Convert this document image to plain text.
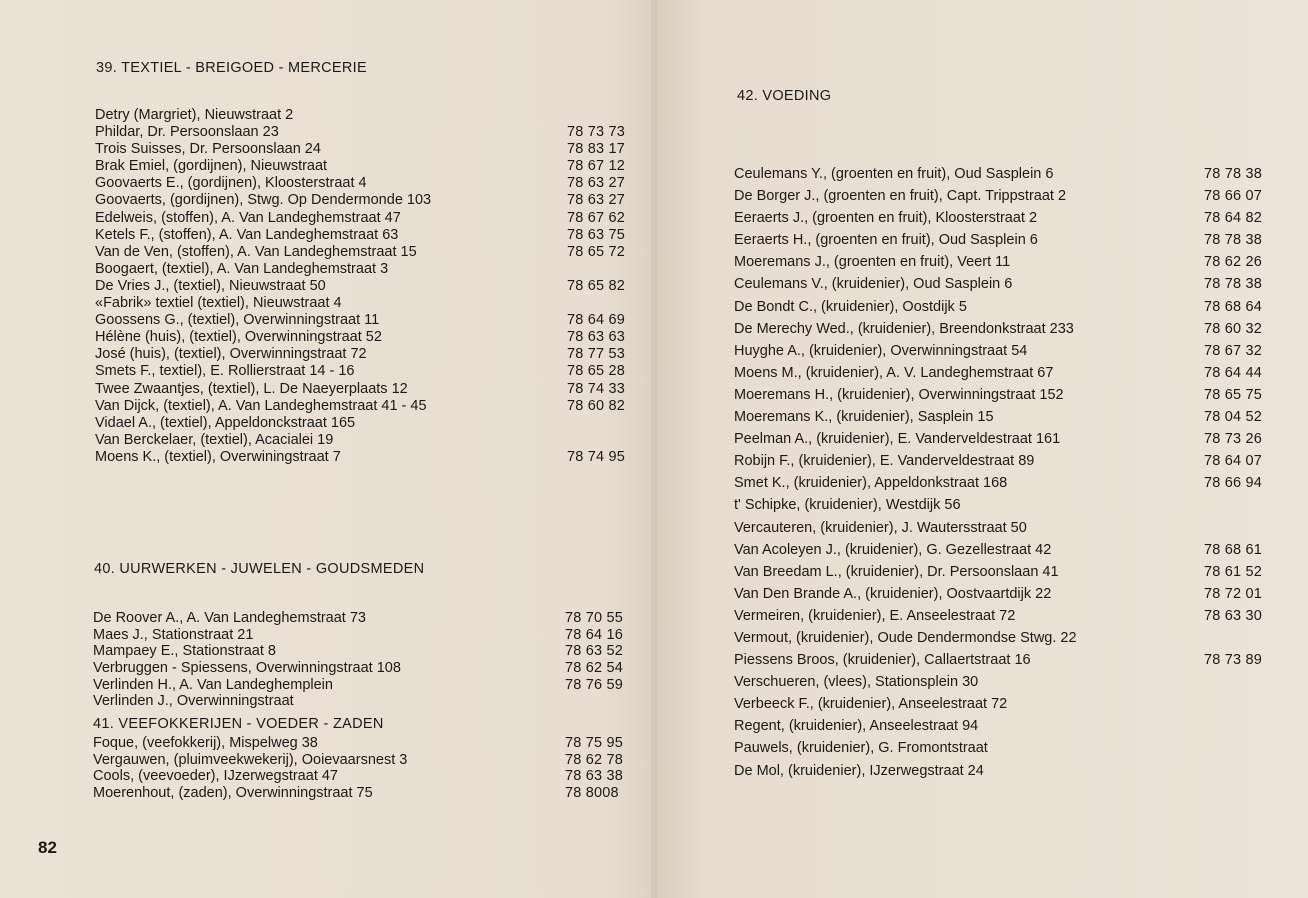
39. TEXTIEL - BREIGOED - MERCERIE
Detry (Margriet), Nieuwstraat 2
Phildar, Dr. Persoonslaan 23	78 73 73
Trois Suisses, Dr. Persoonslaan 24	78 83 17
Brak Emiel, (gordijnen), Nieuwstraat	78 67 12
Goovaerts E., (gordijnen), Kloosterstraat 4	78 63 27
Goovaerts, (gordijnen), Stwg. Op Dendermonde 103	78 63 27
Edelweis, (stoffen), A. Van Landeghemstraat 47	78 67 62
Ketels F., (stoffen), A. Van Landeghemstraat 63	78 63 75
Van de Ven, (stoffen), A. Van Landeghemstraat 15	78 65 72
Boogaert, (textiel), A. Van Landeghemstraat 3
De Vries J., (textiel), Nieuwstraat 50	78 65 82
«Fabrik» textiel (textiel), Nieuwstraat 4
Goossens G., (textiel), Overwinningstraat 11	78 64 69
Hélène (huis), (textiel), Overwinningstraat 52	78 63 63
José (huis), (textiel), Overwinningstraat 72	78 77 53
Smets F., textiel), E. Rollierstraat 14 - 16	78 65 28
Twee Zwaantjes, (textiel), L. De Naeyerplaats 12	78 74 33
Van Dijck, (textiel), A. Van Landeghemstraat 41 - 45	78 60 82
Vidael A., (textiel), Appeldonckstraat 165
Van Berckelaer, (textiel), Acacialei 19
Moens K., (textiel), Overwiningstraat 7	78 74 95
40. UURWERKEN - JUWELEN - GOUDSMEDEN
De Roover A., A. Van Landeghemstraat 73	78 70 55
Maes J., Stationstraat 21	78 64 16
Mampaey E., Stationstraat 8	78 63 52
Verbruggen - Spiessens, Overwinningstraat 108	78 62 54
Verlinden H., A. Van Landeghemplein	78 76 59
Verlinden J., Overwinningstraat
41. VEEFOKKERIJEN - VOEDER - ZADEN
Foque, (veefokkerij), Mispelweg 38	78 75 95
Vergauwen, (pluimveekwekerij), Ooievaarsnest 3	78 62 78
Cools, (veevoeder), IJzerwegstraat 47	78 63 38
Moerenhout, (zaden), Overwinningstraat 75	78 8008
82
42. VOEDING
Ceulemans Y., (groenten en fruit), Oud Sasplein 6	78 78 38
De Borger J., (groenten en fruit), Capt. Trippstraat 2	78 66 07
Eeraerts J., (groenten en fruit), Kloosterstraat 2	78 64 82
Eeraerts H., (groenten en fruit), Oud Sasplein 6	78 78 38
Moeremans J., (groenten en fruit), Veert 11	78 62 26
Ceulemans V., (kruidenier), Oud Sasplein 6	78 78 38
De Bondt C., (kruidenier), Oostdijk 5	78 68 64
De Merechy Wed., (kruidenier), Breendonkstraat 233	78 60 32
Huyghe A., (kruidenier), Overwinningstraat 54	78 67 32
Moens M., (kruidenier), A. V. Landeghemstraat 67	78 64 44
Moeremans H., (kruidenier), Overwinningstraat 152	78 65 75
Moeremans K., (kruidenier), Sasplein 15	78 04 52
Peelman A., (kruidenier), E. Vanderveldestraat 161	78 73 26
Robijn F., (kruidenier), E. Vanderveldestraat 89	78 64 07
Smet K., (kruidenier), Appeldonkstraat 168	78 66 94
t' Schipke, (kruidenier), Westdijk 56
Vercauteren, (kruidenier), J. Wautersstraat 50
Van Acoleyen J., (kruidenier), G. Gezellestraat 42	78 68 61
Van Breedam L., (kruidenier), Dr. Persoonslaan 41	78 61 52
Van Den Brande A., (kruidenier), Oostvaartdijk 22	78 72 01
Vermeiren, (kruidenier), E. Anseelestraat 72	78 63 30
Vermout, (kruidenier), Oude Dendermondse Stwg. 22
Piessens Broos, (kruidenier), Callaertstraat 16	78 73 89
Verschueren, (vlees), Stationsplein 30
Verbeeck F., (kruidenier), Anseelestraat 72
Regent, (kruidenier), Anseelestraat 94
Pauwels, (kruidenier), G. Fromontstraat
De Mol, (kruidenier), IJzerwegstraat 24
